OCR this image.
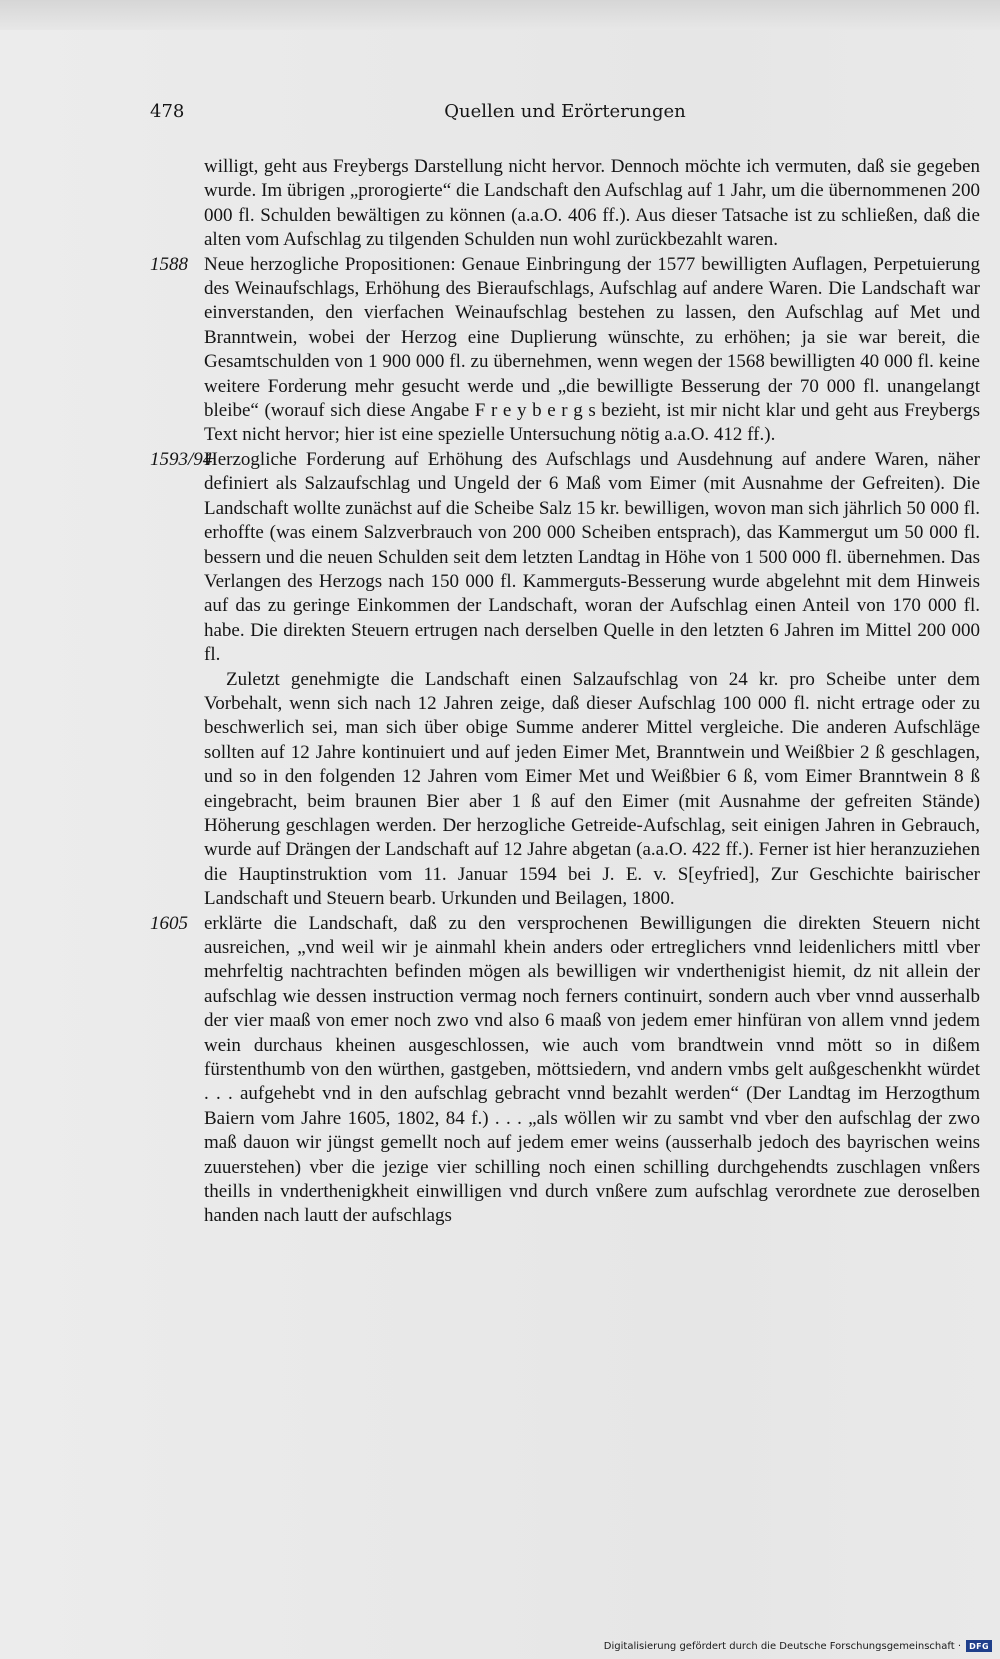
478	Quellen und Erörterungen
willigt, geht aus Freybergs Darstellung nicht hervor. Dennoch möchte ich vermuten, daß sie gegeben wurde. Im übrigen „prorogierte“ die Landschaft den Aufschlag auf 1 Jahr, um die übernommenen 200 000 fl. Schulden bewältigen zu können (a.a.O. 406 ff.). Aus dieser Tatsache ist zu schließen, daß die alten vom Aufschlag zu tilgenden Schulden nun wohl zurückbezahlt waren.
1588 Neue herzogliche Propositionen: Genaue Einbringung der 1577 bewilligten Auflagen, Perpetuierung des Weinaufschlags, Erhöhung des Bieraufschlags, Aufschlag auf andere Waren. Die Landschaft war einverstanden, den vierfachen Weinaufschlag bestehen zu lassen, den Aufschlag auf Met und Branntwein, wobei der Herzog eine Duplierung wünschte, zu erhöhen; ja sie war bereit, die Gesamtschulden von 1 900 000 fl. zu übernehmen, wenn wegen der 1568 bewilligten 40 000 fl. keine weitere Forderung mehr gesucht werde und „die bewilligte Besserung der 70 000 fl. unangelangt bleibe“ (worauf sich diese Angabe F r e y b e r g s bezieht, ist mir nicht klar und geht aus Freybergs Text nicht hervor; hier ist eine spezielle Untersuchung nötig a.a.O. 412 ff.).
1593/94
Herzogliche Forderung auf Erhöhung des Aufschlags und Ausdehnung auf andere Waren, näher definiert als Salzaufschlag und Ungeld der 6 Maß vom Eimer (mit Ausnahme der Gefreiten). Die Landschaft wollte zunächst auf die Scheibe Salz 15 kr. bewilligen, wovon man sich jährlich 50 000 fl. erhoffte (was einem Salzverbrauch von 200 000 Scheiben entsprach), das Kammergut um 50 000 fl. bessern und die neuen Schulden seit dem letzten Landtag in Höhe von 1 500 000 fl. übernehmen. Das Verlangen des Herzogs nach 150 000 fl. Kammerguts-Besserung wurde abgelehnt mit dem Hinweis auf das zu geringe Einkommen der Landschaft, woran der Aufschlag einen Anteil von 170 000 fl. habe. Die direkten Steuern ertrugen nach derselben Quelle in den letzten 6 Jahren im Mittel 200 000 fl.
Zuletzt genehmigte die Landschaft einen Salzaufschlag von 24 kr. pro Scheibe unter dem Vorbehalt, wenn sich nach 12 Jahren zeige, daß dieser Aufschlag 100 000 fl. nicht ertrage oder zu beschwerlich sei, man sich über obige Summe anderer Mittel vergleiche. Die anderen Aufschläge sollten auf 12 Jahre kontinuiert und auf jeden Eimer Met, Branntwein und Weißbier 2 ß geschlagen, und so in den folgenden 12 Jahren vom Eimer Met und Weißbier 6 ß, vom Eimer Branntwein 8 ß eingebracht, beim braunen Bier aber 1 ß auf den Eimer (mit Ausnahme der gefreiten Stände) Höherung geschlagen werden. Der herzogliche Getreide-Aufschlag, seit einigen Jahren in Gebrauch, wurde auf Drängen der Landschaft auf 12 Jahre abgetan (a.a.O. 422 ff.). Ferner ist hier heranzuziehen die Hauptinstruktion vom 11. Januar 1594 bei J. E. v. S[eyfried], Zur Geschichte bairischer Landschaft und Steuern bearb. Urkunden und Beilagen, 1800.
1605 erklärte die Landschaft, daß zu den versprochenen Bewilligungen die direkten Steuern nicht ausreichen, „vnd weil wir je ainmahl khein anders oder ertreglichers vnnd leidenlichers mittl vber mehrfeltig nachtrachten befinden mögen als bewilligen wir vnderthenigist hiemit, dz nit allein der aufschlag wie dessen instruction vermag noch ferners continuirt, sondern auch vber vnnd ausserhalb der vier maaß von emer noch zwo vnd also 6 maaß von jedem emer hinfüran von allem vnnd jedem wein durchaus kheinen ausgeschlossen, wie auch vom brandtwein vnnd mött so in dißem fürstenthumb von den würthen, gastgeben, möttsiedern, vnd andern vmbs gelt außgeschenkht würdet . . . aufgehebt vnd in den aufschlag gebracht vnnd bezahlt werden“ (Der Landtag im Herzogthum Baiern vom Jahre 1605, 1802, 84 f.) . . . „als wöllen wir zu sambt vnd vber den aufschlag der zwo maß dauon wir jüngst gemellt noch auf jedem emer weins (ausserhalb jedoch des bayrischen weins zuuerstehen) vber die jezige vier schilling noch einen schilling durchgehendts zuschlagen vnßers theills in vnderthenigkheit einwilligen vnd durch vnßere zum aufschlag verordnete zue deroselben handen nach lautt der aufschlags
Digitalisierung gefördert durch die Deutsche Forschungsgemeinschaft ·	DFG
